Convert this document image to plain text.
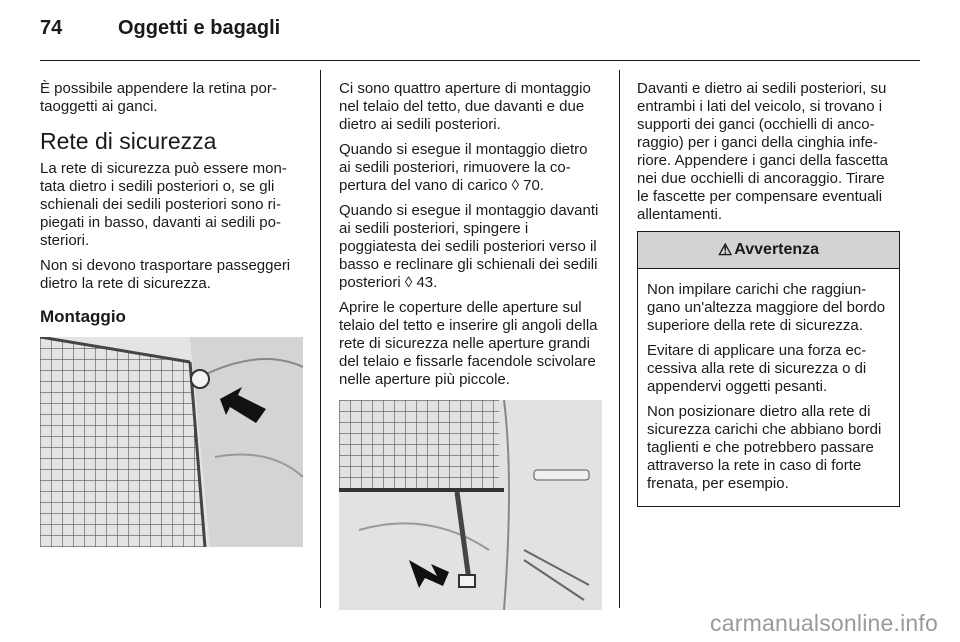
74	Oggetti e bagagli

È possibile appendere la retina portaoggetti ai ganci.

Rete di sicurezza

La rete di sicurezza può essere montata dietro i sedili posteriori o, se gli schienali dei sedili posteriori sono ripiegati in basso, davanti ai sedili posteriori.

Non si devono trasportare passeggeri dietro la rete di sicurezza.

Montaggio

Ci sono quattro aperture di montaggio nel telaio del tetto, due davanti e due dietro ai sedili posteriori.

Quando si esegue il montaggio dietro ai sedili posteriori, rimuovere la copertura del vano di carico ◊ 70.

Quando si esegue il montaggio davanti ai sedili posteriori, spingere i poggiatesta dei sedili posteriori verso il basso e reclinare gli schienali dei sedili posteriori ◊ 43.

Aprire le coperture delle aperture sul telaio del tetto e inserire gli angoli della rete di sicurezza nelle aperture grandi del telaio e fissarle facendole scivolare nelle aperture più piccole.

Davanti e dietro ai sedili posteriori, su entrambi i lati del veicolo, si trovano i supporti dei ganci (occhielli di ancoraggio) per i ganci della cinghia inferiore. Appendere i ganci della fascetta nei due occhielli di ancoraggio. Tirare le fascette per compensare eventuali allentamenti.

⚠ Avvertenza

Non impilare carichi che raggiungano un'altezza maggiore del bordo superiore della rete di sicurezza.

Evitare di applicare una forza eccessiva alla rete di sicurezza o di appendervi oggetti pesanti.

Non posizionare dietro alla rete di sicurezza carichi che abbiano bordi taglienti e che potrebbero passare attraverso la rete in caso di forte frenata, per esempio.

carmanualsonline.info
